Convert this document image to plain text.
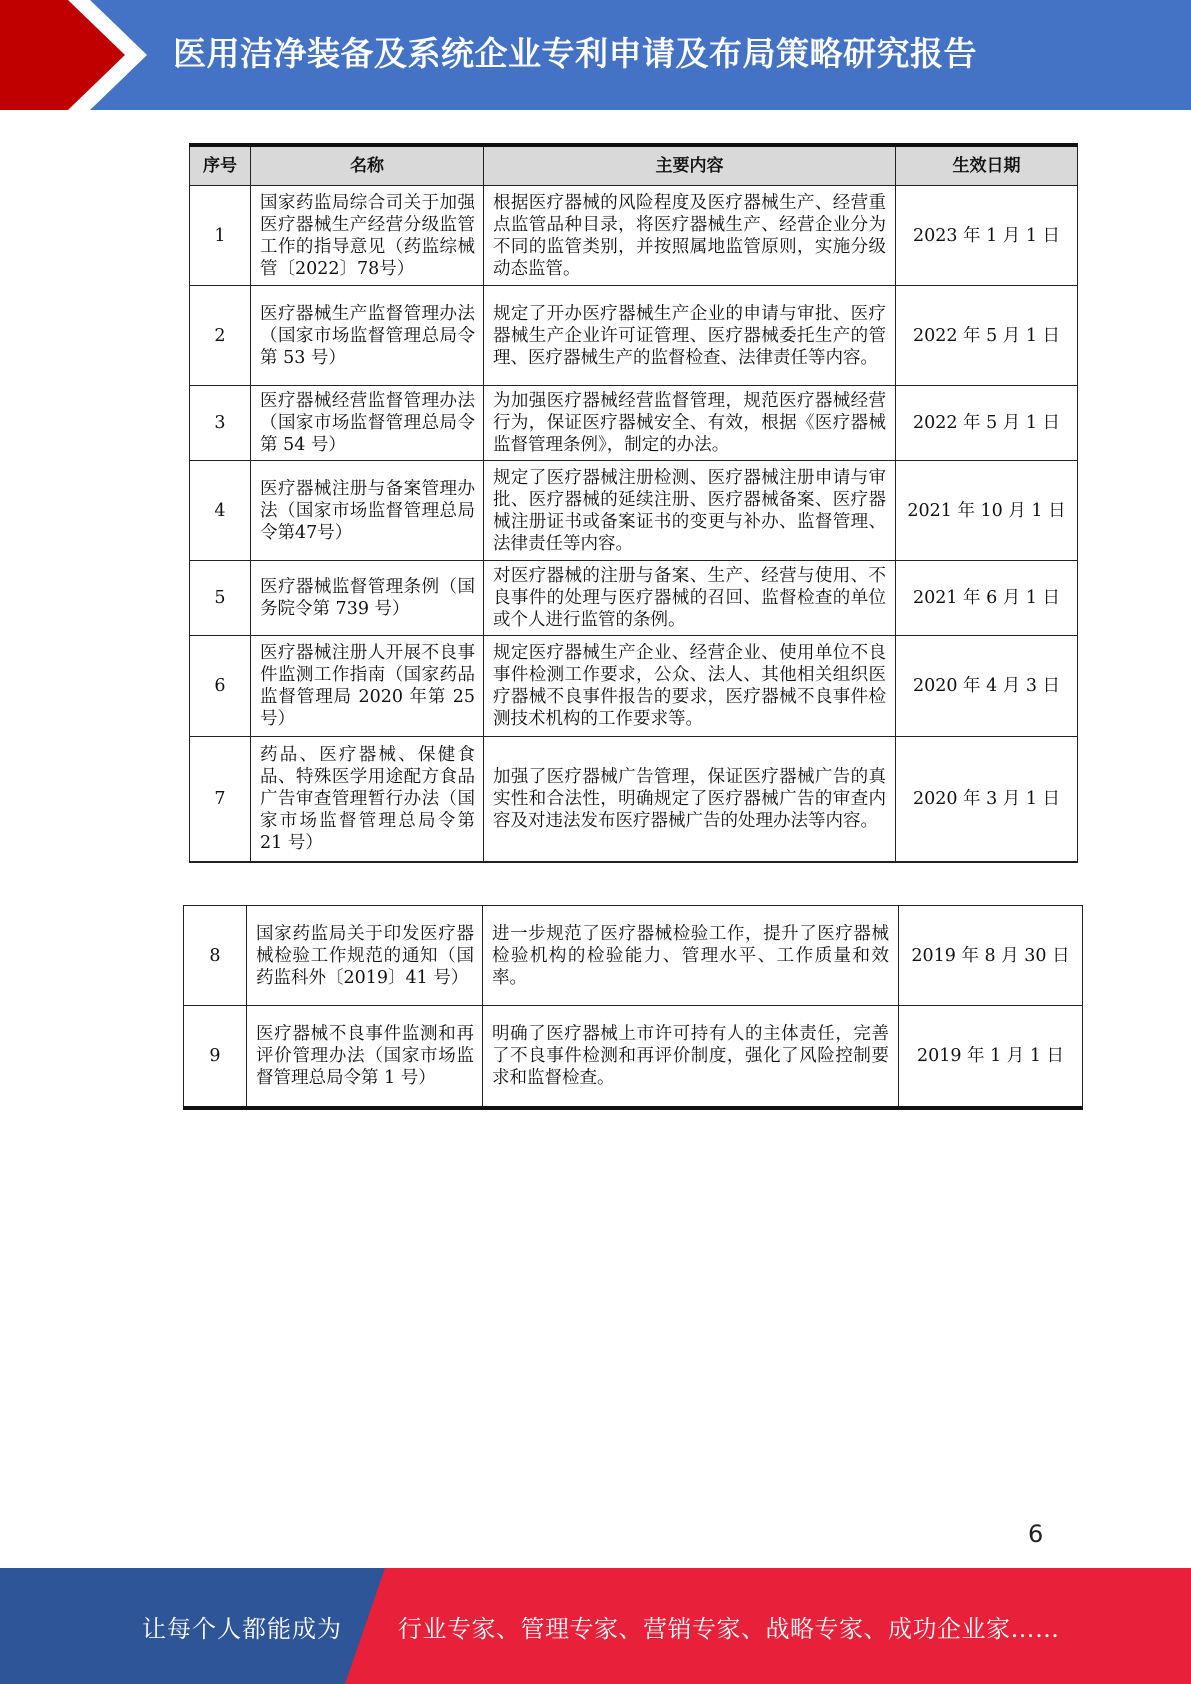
医用洁净装备及系统企业专利申请及布局策略研究报告
序号	名称	主要内容	生效日期
1	国家药监局综合司关于加强医疗器械生产经营分级监管工作的指导意见（药监综械管〔2022〕78号）	根据医疗器械的风险程度及医疗器械生产、经营重点监管品种目录，将医疗器械生产、经营企业分为不同的监管类别，并按照属地监管原则，实施分级动态监管。	2023 年 1 月 1 日
2	医疗器械生产监督管理办法（国家市场监督管理总局令第 53 号）	规定了开办医疗器械生产企业的申请与审批、医疗器械生产企业许可证管理、医疗器械委托生产的管理、医疗器械生产的监督检查、法律责任等内容。	2022 年 5 月 1 日
3	医疗器械经营监督管理办法（国家市场监督管理总局令第 54 号）	为加强医疗器械经营监督管理，规范医疗器械经营行为，保证医疗器械安全、有效，根据《医疗器械监督管理条例》，制定的办法。	2022 年 5 月 1 日
4	医疗器械注册与备案管理办法（国家市场监督管理总局令第47号）	规定了医疗器械注册检测、医疗器械注册申请与审批、医疗器械的延续注册、医疗器械备案、医疗器械注册证书或备案证书的变更与补办、监督管理、法律责任等内容。	2021 年 10 月 1 日
5	医疗器械监督管理条例（国务院令第 739 号）	对医疗器械的注册与备案、生产、经营与使用、不良事件的处理与医疗器械的召回、监督检查的单位或个人进行监管的条例。	2021 年 6 月 1 日
6	医疗器械注册人开展不良事件监测工作指南（国家药品监督管理局 2020 年第 25 号）	规定医疗器械生产企业、经营企业、使用单位不良事件检测工作要求，公众、法人、其他相关组织医疗器械不良事件报告的要求，医疗器械不良事件检测技术机构的工作要求等。	2020 年 4 月 3 日
7	药品、医疗器械、保健食品、特殊医学用途配方食品广告审查管理暂行办法（国家市场监督管理总局令第 21 号）	加强了医疗器械广告管理，保证医疗器械广告的真实性和合法性，明确规定了医疗器械广告的审查内容及对违法发布医疗器械广告的处理办法等内容。	2020 年 3 月 1 日
8	国家药监局关于印发医疗器械检验工作规范的通知（国药监科外〔2019〕41 号）	进一步规范了医疗器械检验工作，提升了医疗器械检验机构的检验能力、管理水平、工作质量和效率。	2019 年 8 月 30 日
9	医疗器械不良事件监测和再评价管理办法（国家市场监督管理总局令第 1 号）	明确了医疗器械上市许可持有人的主体责任，完善了不良事件检测和再评价制度，强化了风险控制要求和监督检查。	2019 年 1 月 1 日
6
让每个人都能成为 行业专家、管理专家、营销专家、战略专家、成功企业家……
